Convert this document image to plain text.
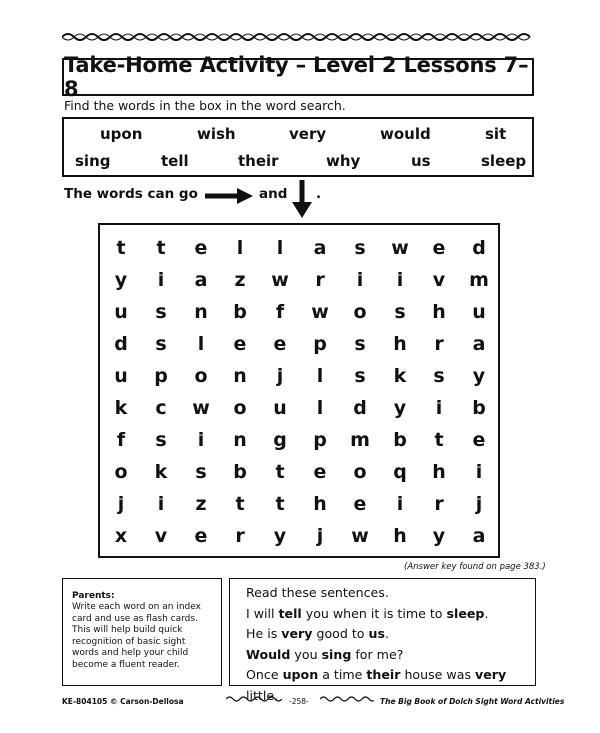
Take-Home Activity – Level 2 Lessons 7–8
Find the words in the box in the word search.
upon	wish	very	would	sit
sing	tell	their	why	us	sleep
The words can go	and .
t	t	e	l	l	a	s	w	e	d
y	i	a	z	w	r	i	i	v	m
u	s	n	b	f	w	o	s	h	u
d	s	l	e	e	p	s	h	r	a
u	p	o	n	j	l	s	k	s	y
k	c	w	o	u	l	d	y	i	b
f	s	i	n	g	p	m	b	t	e
o	k	s	b	t	e	o	q	h	i
j	i	z	t	t	h	e	i	r	j
x	v	e	r	y	j	w	h	y	a
(Answer key found on page 383.)
Parents:
Write each word on an index card and use as flash cards. This will help build quick recognition of basic sight words and help your child become a fluent reader.
Read these sentences.
I will tell you when it is time to sleep.
He is very good to us.
Would you sing for me?
Once upon a time their house was very little.
KE-804105 © Carson-Dellosa	-258-	The Big Book of Dolch Sight Word Activities
